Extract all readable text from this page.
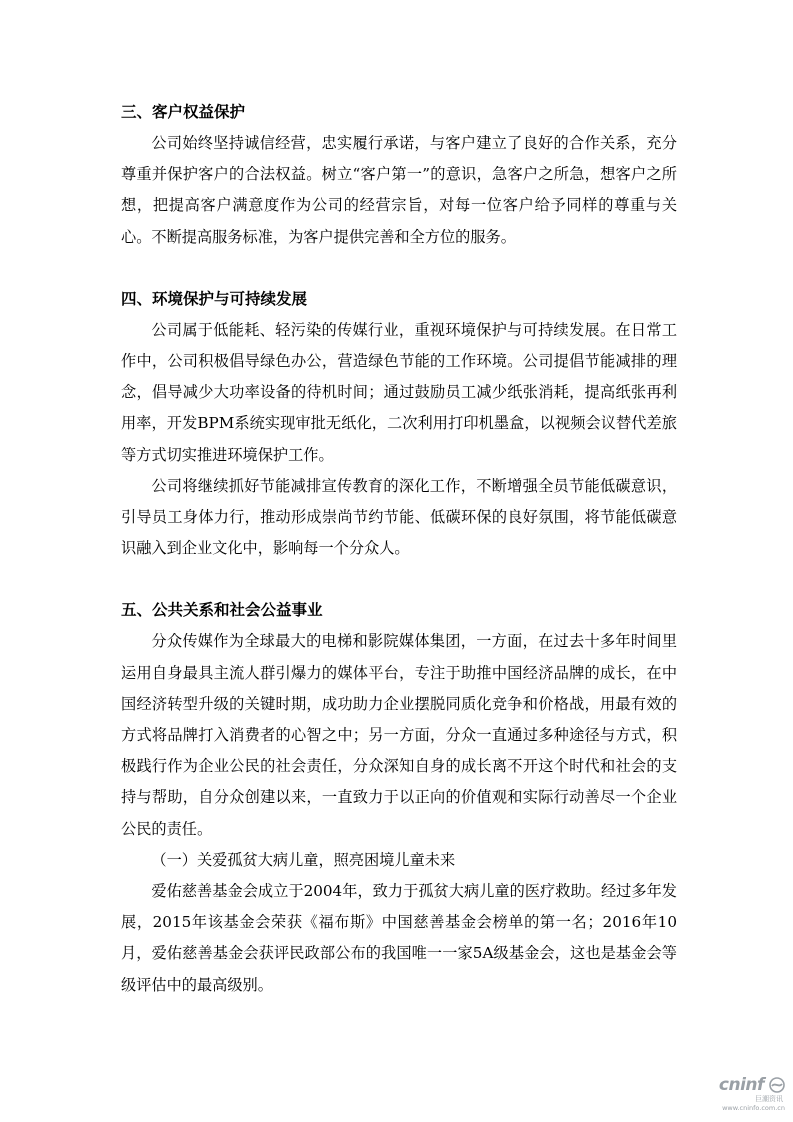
三、客户权益保护

公司始终坚持诚信经营，忠实履行承诺，与客户建立了良好的合作关系，充分尊重并保护客户的合法权益。树立“客户第一”的意识，急客户之所急，想客户之所想，把提高客户满意度作为公司的经营宗旨，对每一位客户给予同样的尊重与关心。不断提高服务标准，为客户提供完善和全方位的服务。

四、环境保护与可持续发展

公司属于低能耗、轻污染的传媒行业，重视环境保护与可持续发展。在日常工作中，公司积极倡导绿色办公，营造绿色节能的工作环境。公司提倡节能减排的理念，倡导减少大功率设备的待机时间；通过鼓励员工减少纸张消耗，提高纸张再利用率，开发BPM系统实现审批无纸化，二次利用打印机墨盒，以视频会议替代差旅等方式切实推进环境保护工作。

公司将继续抓好节能减排宣传教育的深化工作，不断增强全员节能低碳意识，引导员工身体力行，推动形成崇尚节约节能、低碳环保的良好氛围，将节能低碳意识融入到企业文化中，影响每一个分众人。

五、公共关系和社会公益事业

分众传媒作为全球最大的电梯和影院媒体集团，一方面，在过去十多年时间里运用自身最具主流人群引爆力的媒体平台，专注于助推中国经济品牌的成长，在中国经济转型升级的关键时期，成功助力企业摆脱同质化竞争和价格战，用最有效的方式将品牌打入消费者的心智之中；另一方面，分众一直通过多种途径与方式，积极践行作为企业公民的社会责任，分众深知自身的成长离不开这个时代和社会的支持与帮助，自分众创建以来，一直致力于以正向的价值观和实际行动善尽一个企业公民的责任。

（一）关爱孤贫大病儿童，照亮困境儿童未来

爱佑慈善基金会成立于2004年，致力于孤贫大病儿童的医疗救助。经过多年发展，2015年该基金会荣获《福布斯》中国慈善基金会榜单的第一名；2016年10月，爱佑慈善基金会获评民政部公布的我国唯一一家5A级基金会，这也是基金会等级评估中的最高级别。

cninf
巨潮资讯
www.cninfo.com.cn
